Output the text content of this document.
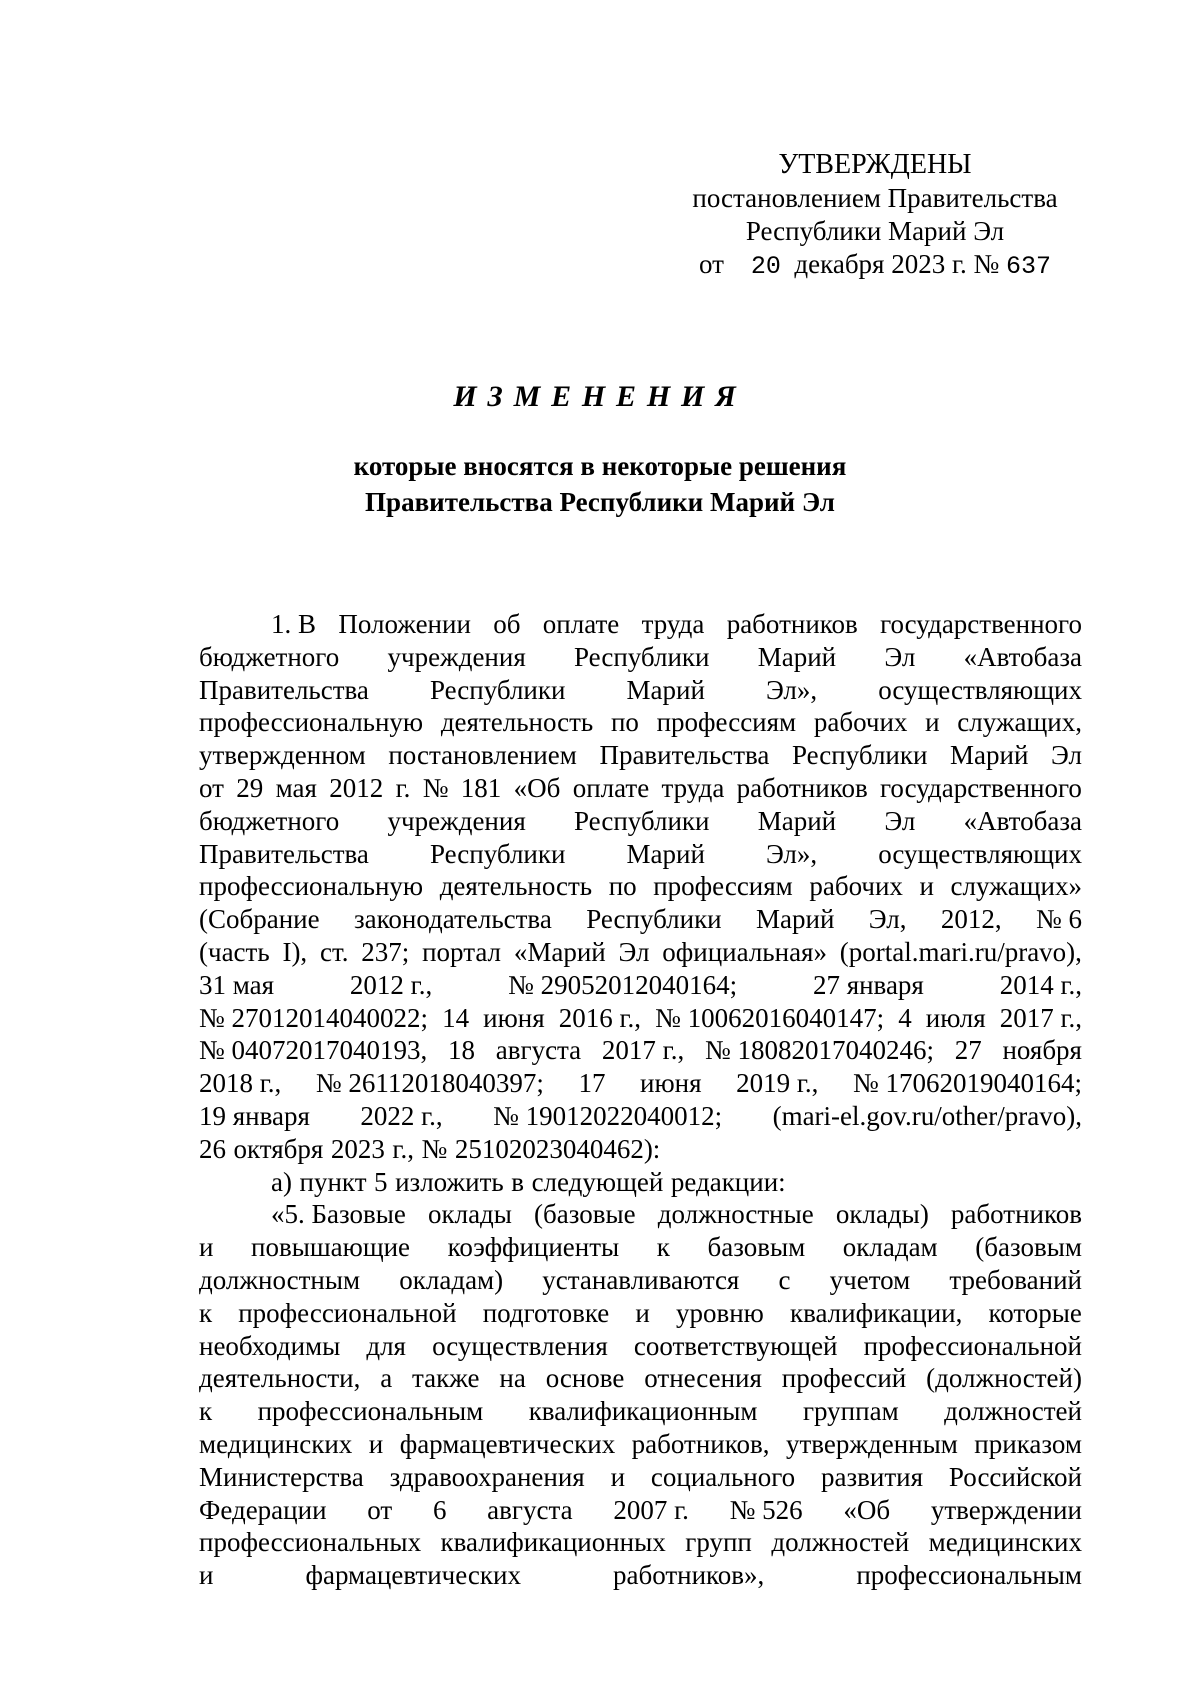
УТВЕРЖДЕНЫ
постановлением Правительства
Республики Марий Эл
от 20 декабря 2023 г. № 637
ИЗМЕНЕНИЯ
которые вносятся в некоторые решения
Правительства Республики Марий Эл
1. В Положении об оплате труда работников государственного
бюджетного учреждения Республики Марий Эл «Автобаза
Правительства Республики Марий Эл», осуществляющих
профессиональную деятельность по профессиям рабочих и служащих,
утвержденном постановлением Правительства Республики Марий Эл
от 29 мая 2012 г. № 181 «Об оплате труда работников государственного
бюджетного учреждения Республики Марий Эл «Автобаза
Правительства Республики Марий Эл», осуществляющих
профессиональную деятельность по профессиям рабочих и служащих»
(Собрание законодательства Республики Марий Эл, 2012, № 6
(часть I), ст. 237; портал «Марий Эл официальная» (portal.mari.ru/pravo),
31 мая	2012 г.,	№ 29052012040164;	27 января	2014 г.,
№ 27012014040022; 14 июня 2016 г., № 10062016040147; 4 июля 2017 г.,
№ 04072017040193, 18 августа 2017 г., № 18082017040246; 27 ноября
2018 г., № 26112018040397; 17 июня 2019 г., № 17062019040164;
19 января 2022 г., № 19012022040012; (mari-el.gov.ru/other/pravo),
26 октября 2023 г., № 25102023040462):
а) пункт 5 изложить в следующей редакции:
«5. Базовые оклады (базовые должностные оклады) работников
и повышающие коэффициенты к базовым окладам (базовым
должностным окладам) устанавливаются с учетом требований
к профессиональной подготовке и уровню квалификации, которые
необходимы для осуществления соответствующей профессиональной
деятельности, а также на основе отнесения профессий (должностей)
к профессиональным квалификационным группам должностей
медицинских и фармацевтических работников, утвержденным приказом
Министерства здравоохранения и социального развития Российской
Федерации от 6 августа 2007 г. № 526 «Об утверждении
профессиональных квалификационных групп должностей медицинских
и	фармацевтических	работников»,	профессиональным
